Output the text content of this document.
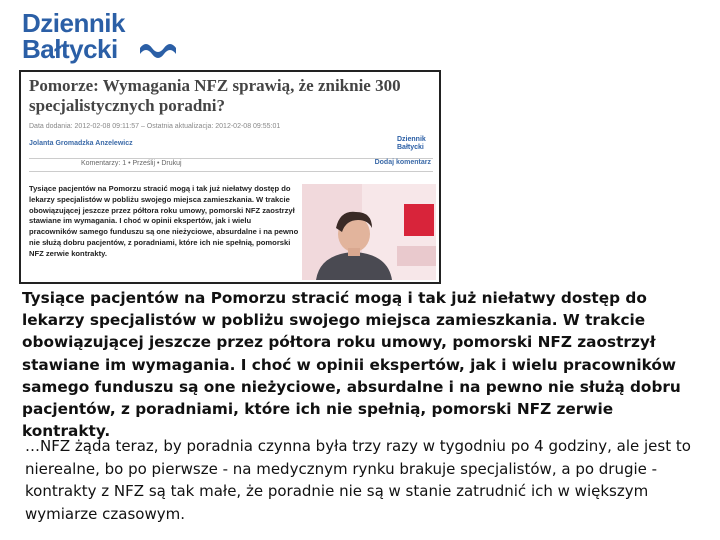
Dziennik
Bałtycki
Pomorze: Wymagania NFZ sprawią, że zniknie 300 specjalistycznych poradni?
Data dodania: 2012-02-08 09:11:57 – Ostatnia aktualizacja: 2012-02-08 09:55:01
Jolanta Gromadzka Anzelewicz
Dziennik
Bałtycki
Komentarzy: 1 • Prześlij • Drukuj	Dodaj komentarz
Tysiące pacjentów na Pomorzu stracić mogą i tak już niełatwy dostęp do lekarzy specjalistów w pobliżu swojego miejsca zamieszkania. W trakcie obowiązującej jeszcze przez półtora roku umowy, pomorski NFZ zaostrzył stawiane im wymagania. I choć w opinii ekspertów, jak i wielu pracowników samego funduszu są one nieżyciowe, absurdalne i na pewno nie służą dobru pacjentów, z poradniami, które ich nie spełnią, pomorski NFZ zerwie kontrakty.
Tysiące pacjentów na Pomorzu stracić mogą i tak już niełatwy dostęp do lekarzy specjalistów w pobliżu swojego miejsca zamieszkania. W trakcie obowiązującej jeszcze przez półtora roku umowy, pomorski NFZ zaostrzył stawiane im wymagania. I choć w opinii ekspertów, jak i wielu pracowników samego funduszu są one nieżyciowe, absurdalne i na pewno nie służą dobru pacjentów, z poradniami, które ich nie spełnią, pomorski NFZ zerwie kontrakty.
…NFZ żąda teraz, by poradnia czynna była trzy razy w tygodniu po 4 godziny, ale jest to nierealne, bo po pierwsze - na medycznym rynku brakuje specjalistów, a po drugie - kontrakty z NFZ są tak małe, że poradnie nie są w stanie zatrudnić ich w większym wymiarze czasowym.
